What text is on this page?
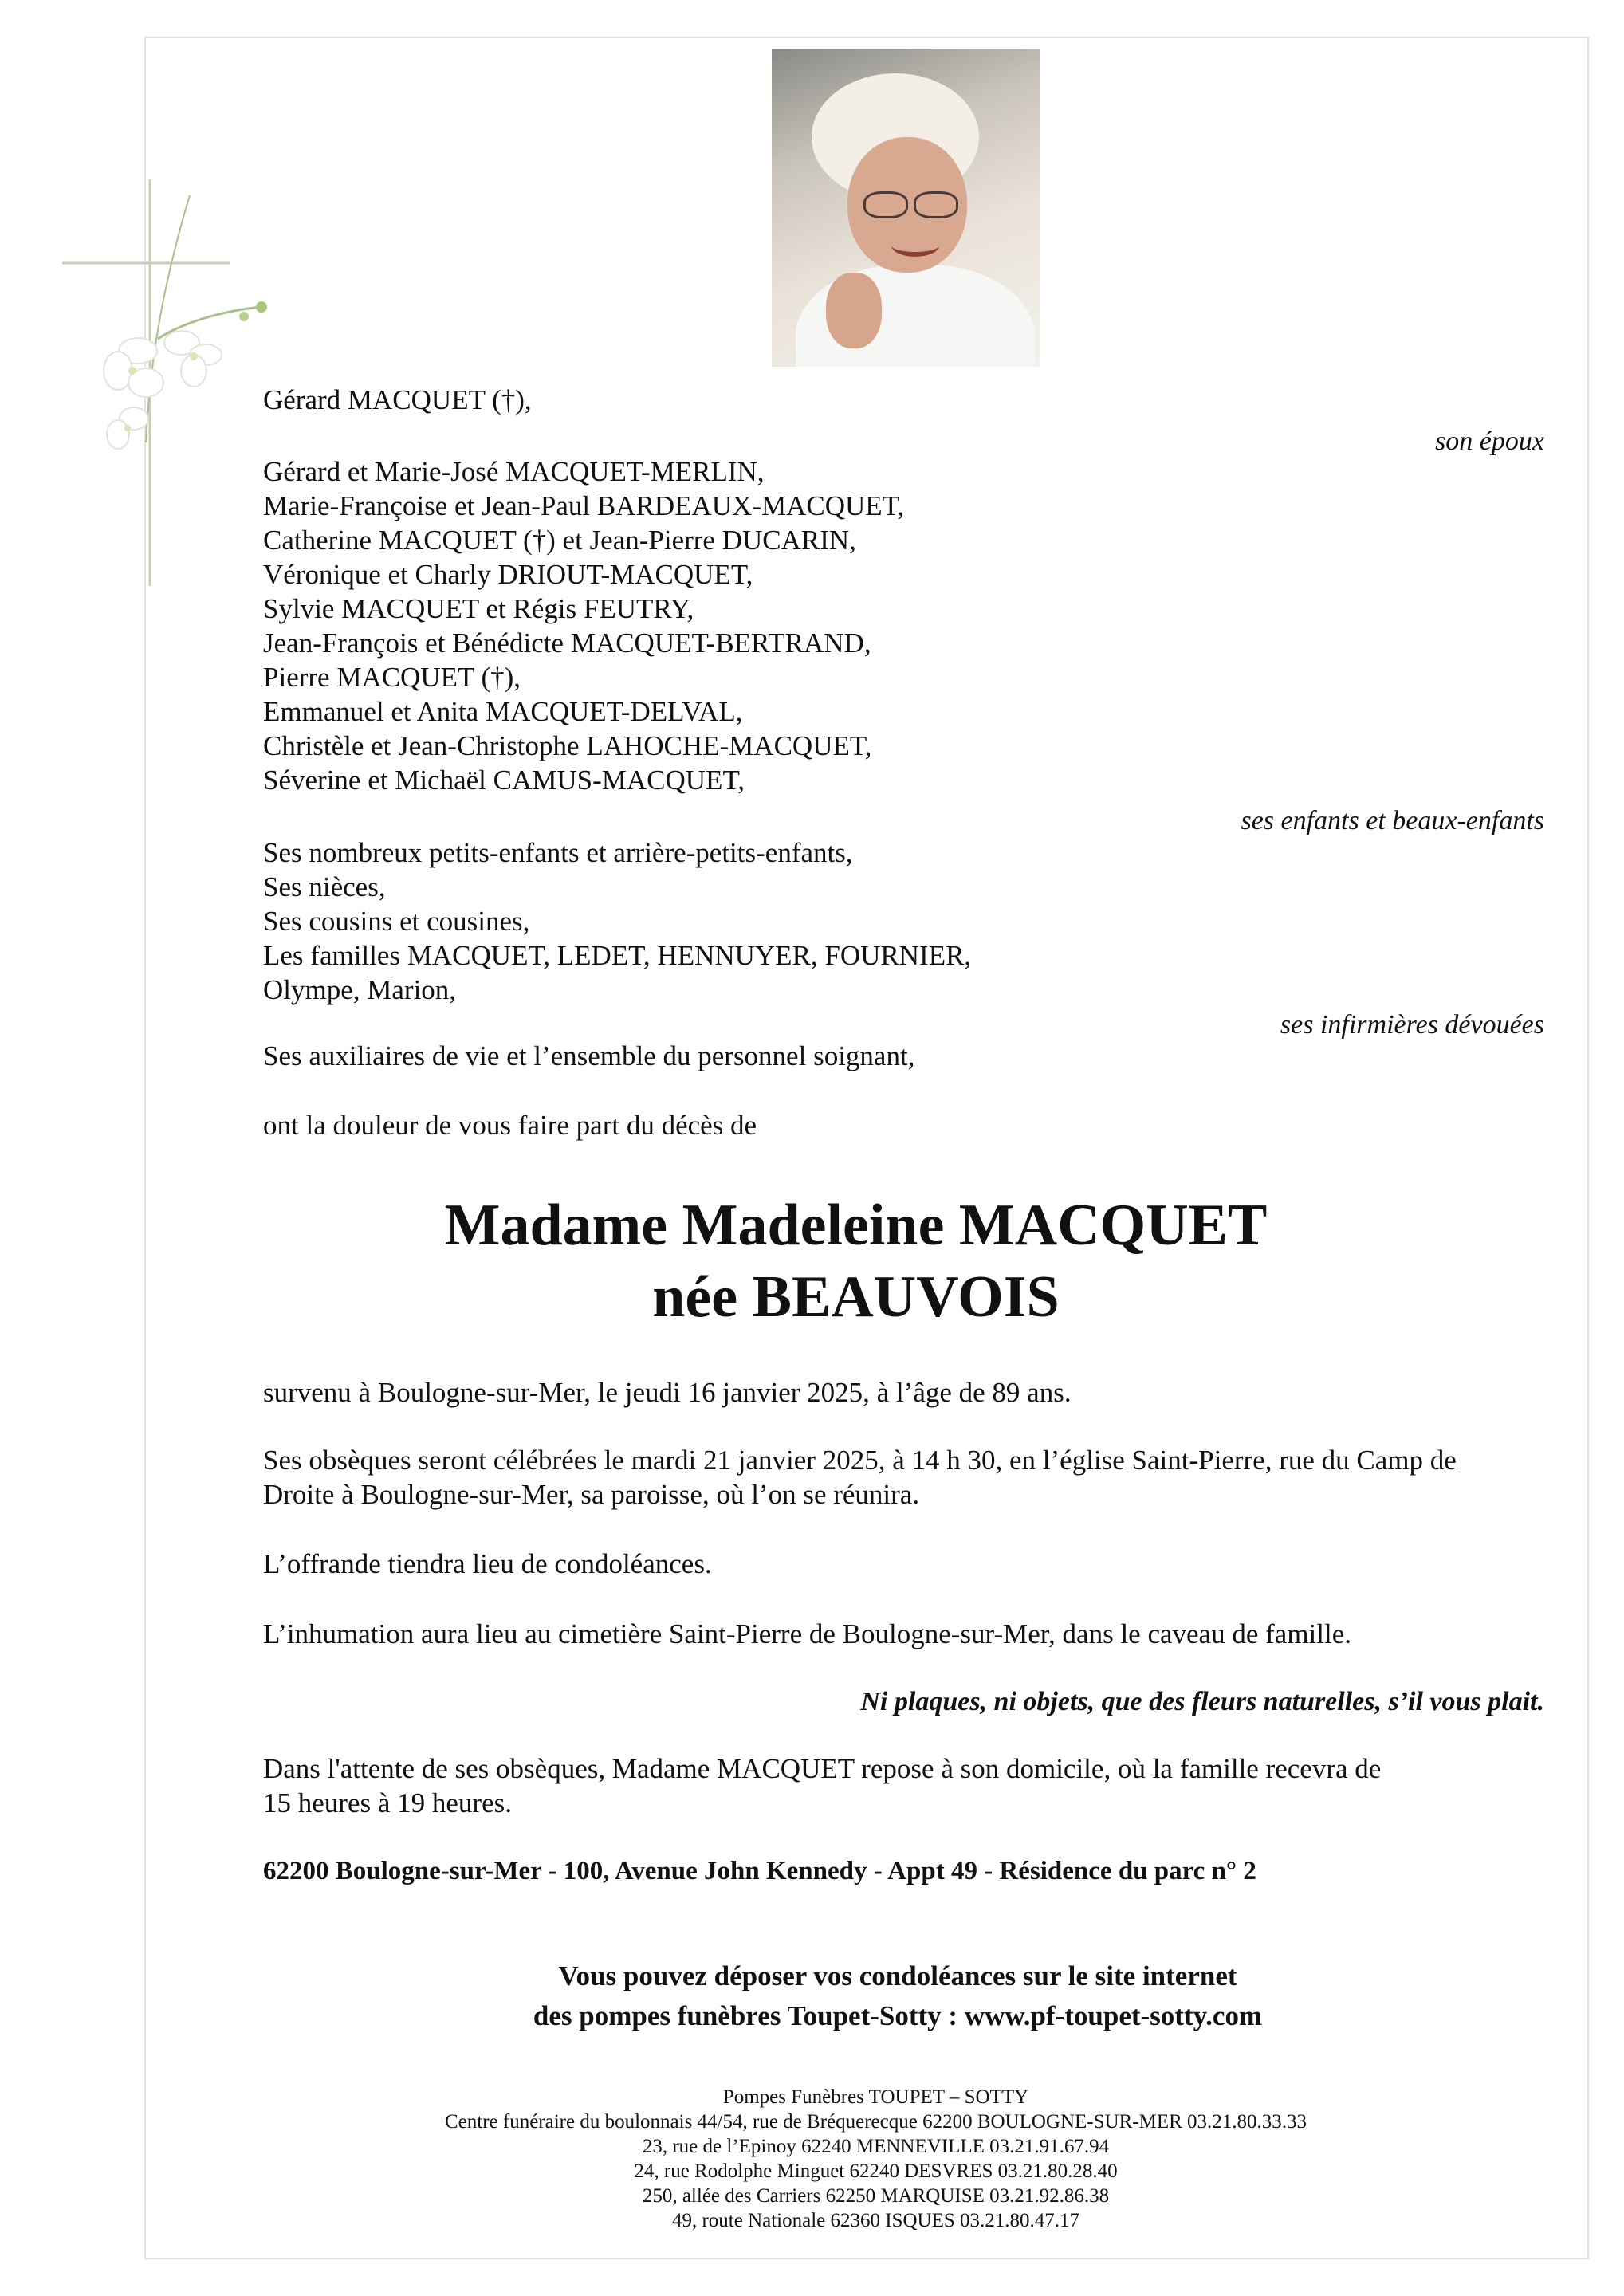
Gérard MACQUET (†),
son époux
Gérard et Marie-José MACQUET-MERLIN,
Marie-Françoise et Jean-Paul BARDEAUX-MACQUET,
Catherine MACQUET (†) et Jean-Pierre DUCARIN,
Véronique et Charly DRIOUT-MACQUET,
Sylvie MACQUET et Régis FEUTRY,
Jean-François et Bénédicte MACQUET-BERTRAND,
Pierre MACQUET (†),
Emmanuel et Anita MACQUET-DELVAL,
Christèle et Jean-Christophe LAHOCHE-MACQUET,
Séverine et Michaël CAMUS-MACQUET,
ses enfants et beaux-enfants
Ses nombreux petits-enfants et arrière-petits-enfants,
Ses nièces,
Ses cousins et cousines,
Les familles MACQUET, LEDET, HENNUYER, FOURNIER,
Olympe, Marion,
ses infirmières dévouées
Ses auxiliaires de vie et l’ensemble du personnel soignant,
ont la douleur de vous faire part du décès de
Madame Madeleine MACQUET
née BEAUVOIS
survenu à Boulogne-sur-Mer, le jeudi 16 janvier 2025, à l’âge de 89 ans.
Ses obsèques seront célébrées le mardi 21 janvier 2025, à 14 h 30, en l’église Saint-Pierre, rue du Camp de
Droite à Boulogne-sur-Mer, sa paroisse, où l’on se réunira.
L’offrande tiendra lieu de condoléances.
L’inhumation aura lieu au cimetière Saint-Pierre de Boulogne-sur-Mer, dans le caveau de famille.
Ni plaques, ni objets, que des fleurs naturelles, s’il vous plait.
Dans l'attente de ses obsèques, Madame MACQUET repose à son domicile, où la famille recevra de
15 heures à 19 heures.
62200 Boulogne-sur-Mer - 100, Avenue John Kennedy - Appt 49 - Résidence du parc n° 2
Vous pouvez déposer vos condoléances sur le site internet
des pompes funèbres Toupet-Sotty : www.pf-toupet-sotty.com
Pompes Funèbres TOUPET – SOTTY
Centre funéraire du boulonnais 44/54, rue de Bréquerecque 62200 BOULOGNE-SUR-MER 03.21.80.33.33
23, rue de l’Epinoy 62240 MENNEVILLE 03.21.91.67.94
24, rue Rodolphe Minguet 62240 DESVRES 03.21.80.28.40
250, allée des Carriers 62250 MARQUISE 03.21.92.86.38
49, route Nationale 62360 ISQUES 03.21.80.47.17
